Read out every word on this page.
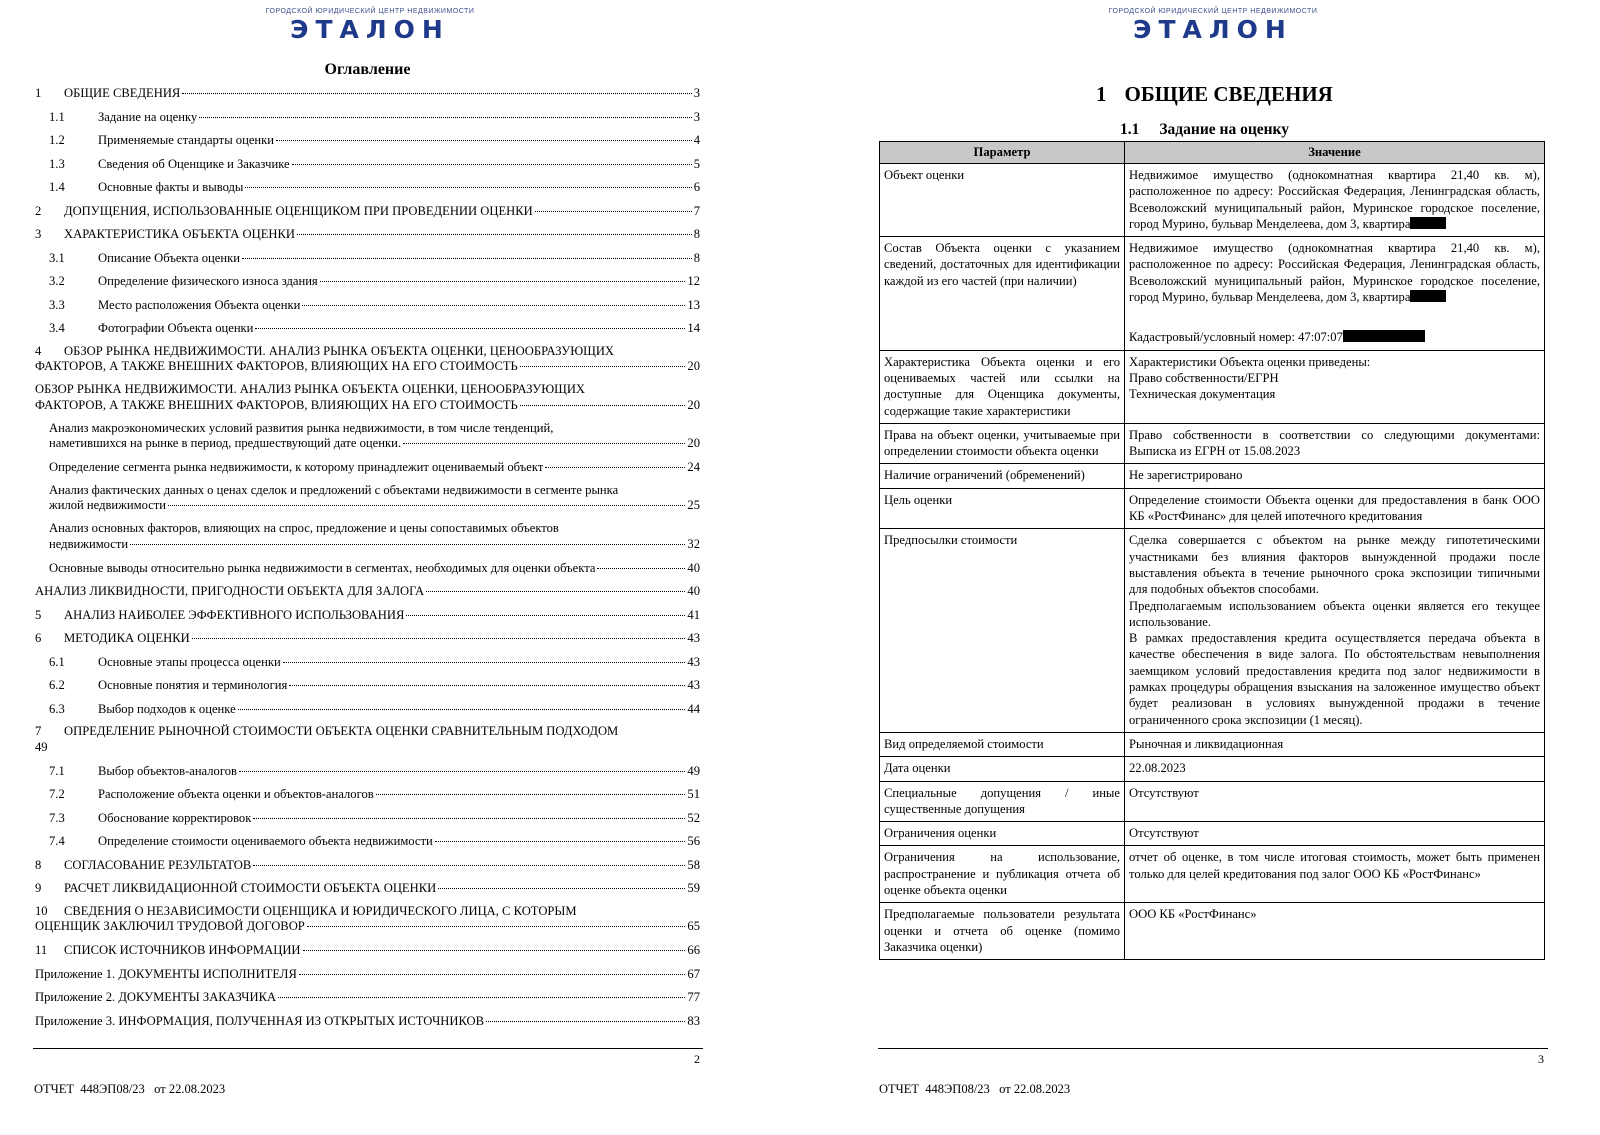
ГОРОДСКОЙ ЮРИДИЧЕСКИЙ ЦЕНТР НЕДВИЖИМОСТИ
ЭТАЛОН
Оглавление
1	ОБЩИЕ СВЕДЕНИЯ	3
1.1	Задание на оценку	3
1.2	Применяемые стандарты оценки	4
1.3	Сведения об Оценщике и Заказчике	5
1.4	Основные факты и выводы	6
2	ДОПУЩЕНИЯ, ИСПОЛЬЗОВАННЫЕ ОЦЕНЩИКОМ ПРИ ПРОВЕДЕНИИ ОЦЕНКИ	7
3	ХАРАКТЕРИСТИКА ОБЪЕКТА ОЦЕНКИ	8
3.1	Описание Объекта оценки	8
3.2	Определение физического износа здания	12
3.3	Место расположения Объекта оценки	13
3.4	Фотографии Объекта оценки	14
4 ОБЗОР РЫНКА НЕДВИЖИМОСТИ. АНАЛИЗ РЫНКА ОБЪЕКТА ОЦЕНКИ, ЦЕНООБРАЗУЮЩИХ
ФАКТОРОВ, А ТАКЖЕ ВНЕШНИХ ФАКТОРОВ, ВЛИЯЮЩИХ НА ЕГО СТОИМОСТЬ	20
ОБЗОР РЫНКА НЕДВИЖИМОСТИ. АНАЛИЗ РЫНКА ОБЪЕКТА ОЦЕНКИ, ЦЕНООБРАЗУЮЩИХ
ФАКТОРОВ, А ТАКЖЕ ВНЕШНИХ ФАКТОРОВ, ВЛИЯЮЩИХ НА ЕГО СТОИМОСТЬ	20
Анализ макроэкономических условий развития рынка недвижимости, в том числе тенденций,
наметившихся на рынке в период, предшествующий дате оценки.	20
Определение сегмента рынка недвижимости, к которому принадлежит оцениваемый объект	24
Анализ фактических данных о ценах сделок и предложений с объектами недвижимости в сегменте рынка
жилой недвижимости	25
Анализ основных факторов, влияющих на спрос, предложение и цены сопоставимых объектов
недвижимости	32
Основные выводы относительно рынка недвижимости в сегментах, необходимых для оценки объекта	40
АНАЛИЗ ЛИКВИДНОСТИ, ПРИГОДНОСТИ ОБЪЕКТА ДЛЯ ЗАЛОГА	40
5	АНАЛИЗ НАИБОЛЕЕ ЭФФЕКТИВНОГО ИСПОЛЬЗОВАНИЯ	41
6	МЕТОДИКА ОЦЕНКИ	43
6.1	Основные этапы процесса оценки	43
6.2	Основные понятия и терминология	43
6.3	Выбор подходов к оценке	44
7 ОПРЕДЕЛЕНИЕ РЫНОЧНОЙ СТОИМОСТИ ОБЪЕКТА ОЦЕНКИ СРАВНИТЕЛЬНЫМ ПОДХОДОМ
49
7.1	Выбор объектов-аналогов	49
7.2	Расположение объекта оценки и объектов-аналогов	51
7.3	Обоснование корректировок	52
7.4	Определение стоимости оцениваемого объекта недвижимости	56
8	СОГЛАСОВАНИЕ РЕЗУЛЬТАТОВ	58
9	РАСЧЕТ ЛИКВИДАЦИОННОЙ СТОИМОСТИ ОБЪЕКТА ОЦЕНКИ	59
10 СВЕДЕНИЯ О НЕЗАВИСИМОСТИ ОЦЕНЩИКА И ЮРИДИЧЕСКОГО ЛИЦА, С КОТОРЫМ
ОЦЕНЩИК ЗАКЛЮЧИЛ ТРУДОВОЙ ДОГОВОР	65
11	СПИСОК ИСТОЧНИКОВ ИНФОРМАЦИИ	66
Приложение 1. ДОКУМЕНТЫ ИСПОЛНИТЕЛЯ	67
Приложение 2. ДОКУМЕНТЫ ЗАКАЗЧИКА	77
Приложение 3. ИНФОРМАЦИЯ, ПОЛУЧЕННАЯ ИЗ ОТКРЫТЫХ ИСТОЧНИКОВ	83
2
ОТЧЕТ  448ЭП08/23   от 22.08.2023
ГОРОДСКОЙ ЮРИДИЧЕСКИЙ ЦЕНТР НЕДВИЖИМОСТИ
ЭТАЛОН
1 ОБЩИЕ СВЕДЕНИЯ
1.1 Задание на оценку
Параметр	Значение
Объект оценки	Недвижимое имущество (однокомнатная квартира 21,40 кв. м), расположенное по адресу: Российская Федерация, Ленинградская область, Всеволожский муниципальный район, Муринское городское поселение, город Мурино, бульвар Менделеева, дом 3, квартира
Состав Объекта оценки с указанием сведений, достаточных для идентификации каждой из его частей (при наличии)	Недвижимое имущество (однокомнатная квартира 21,40 кв. м), расположенное по адресу: Российская Федерация, Ленинградская область, Всеволожский муниципальный район, Муринское городское поселение, город Мурино, бульвар Менделеева, дом 3, квартира
Кадастровый/условный номер: 47:07:07
Характеристика Объекта оценки и его оцениваемых частей или ссылки на доступные для Оценщика документы, содержащие такие характеристики	Характеристики Объекта оценки приведены:
Право собственности/ЕГРН
Техническая документация

Права на объект оценки, учитываемые при определении стоимости объекта оценки	Право собственности в соответствии со следующими документами: Выписка из ЕГРН от 15.08.2023
Наличие ограничений (обременений)	Не зарегистрировано
Цель оценки	Определение стоимости Объекта оценки для предоставления в банк ООО КБ «РостФинанс» для целей ипотечного кредитования
Предпосылки стоимости	Сделка совершается с объектом на рынке между гипотетическими участниками без влияния факторов вынужденной продажи после выставления объекта в течение рыночного срока экспозиции типичными для подобных объектов способами.
Предполагаемым использованием объекта оценки является его текущее использование.
В рамках предоставления кредита осуществляется передача объекта в качестве обеспечения в виде залога. По обстоятельствам невыполнения заемщиком условий предоставления кредита под залог недвижимости в рамках процедуры обращения взыскания на заложенное имущество объект будет реализован в условиях вынужденной продажи в течение ограниченного срока экспозиции (1 месяц).

Вид определяемой стоимости	Рыночная и ликвидационная
Дата оценки	22.08.2023
Специальные допущения / иные существенные допущения	Отсутствуют
Ограничения оценки	Отсутствуют
Ограничения на использование, распространение и публикация отчета об оценке объекта оценки	отчет об оценке, в том числе итоговая стоимость, может быть применен только для целей кредитования под залог ООО КБ «РостФинанс»
Предполагаемые пользователи результата оценки и отчета об оценке (помимо Заказчика оценки)	ООО КБ «РостФинанс»
3
ОТЧЕТ  448ЭП08/23   от 22.08.2023
